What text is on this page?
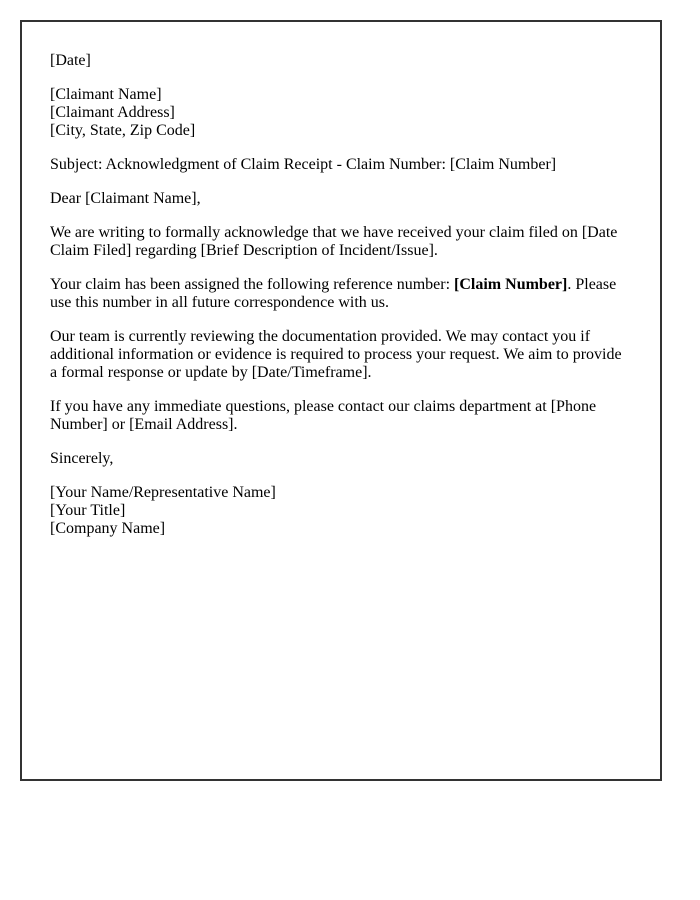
[Date]

[Claimant Name]
[Claimant Address]
[City, State, Zip Code]

Subject: Acknowledgment of Claim Receipt - Claim Number: [Claim Number]

Dear [Claimant Name],

We are writing to formally acknowledge that we have received your claim filed on [Date Claim Filed] regarding [Brief Description of Incident/Issue].

Your claim has been assigned the following reference number: [Claim Number]. Please use this number in all future correspondence with us.

Our team is currently reviewing the documentation provided. We may contact you if additional information or evidence is required to process your request. We aim to provide a formal response or update by [Date/Timeframe].

If you have any immediate questions, please contact our claims department at [Phone Number] or [Email Address].

Sincerely,

[Your Name/Representative Name]
[Your Title]
[Company Name]
